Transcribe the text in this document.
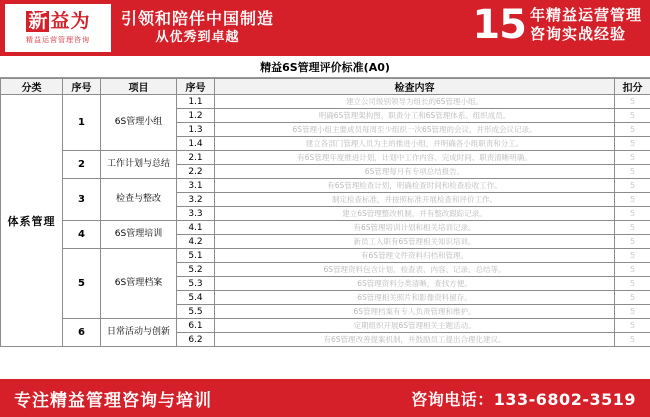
新 益 为
精益运营管理咨询
引领和陪伴中国制造
从优秀到卓越	15 年精益运营管理
咨询实战经验
精益6S管理评价标准(A0)
分类	序号	项目	序号	检查内容	扣分
体系管理	1	6S管理小组	1.1	建立公司级别领导为组长的6S管理小组。	5
			1.2	明确6S管理架构图、职责分工和6S管理体系、组织成员。	5
			1.3	6S管理小组主要成员每周至少组织一次6S管理的会议，并形成会议记录。	5
			1.4	建立各部门管理人员为主的推进小组，并明确各小组职责和分工。	5
	2	工作计划与总结	2.1	有6S管理年度推进计划，计划中工作内容、完成时间、职责清晰明确。	5
			2.2	6S管理每月有专项总结报告。	5
	3	检查与整改	3.1	有6S管理检查计划，明确检查时间和检查验收工作。	5
			3.2	制定检查标准，并按照标准开展检查和评价工作。	5
			3.3	建立6S管理整改机制，并有整改跟踪记录。	5
	4	6S管理培训	4.1	有6S管理培训计划和相关培训记录。	5
			4.2	新员工入职有6S管理相关知识培训。	5
	5	6S管理档案	5.1	有6S管理文件资料归档和管理。	5
			5.2	6S管理资料包含计划、检查表、内容、记录、总结等。	5
			5.3	6S管理资料分类清晰，查找方便。	5
			5.4	6S管理相关照片和影像资料留存。	5
			5.5	6S管理档案有专人负责管理和维护。	5
	6	日常活动与创新	6.1	定期组织开展6S管理相关主题活动。	5
			6.2	有6S管理改善提案机制，并鼓励员工提出合理化建议。	5
专注精益管理咨询与培训	咨询电话：133-6802-3519
